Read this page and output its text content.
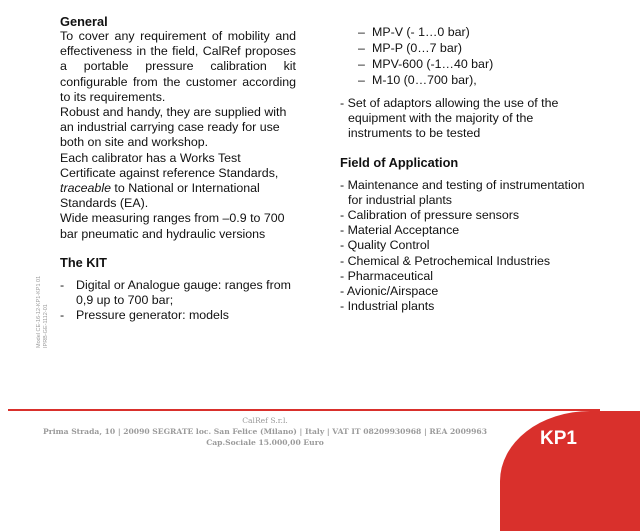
General

To cover any requirement of mobility and effectiveness in the field, CalRef proposes a portable pressure calibration kit configurable from the customer according to its requirements.

Robust and handy, they are supplied with an industrial carrying case ready for use both on site and workshop.

Each calibrator has a Works Test Certificate against reference Standards, traceable to National or International Standards (EA).

Wide measuring ranges from –0.9 to 700 bar pneumatic and hydraulic versions

The KIT
- Digital or Analogue gauge: ranges from 0,9 up to 700 bar;
- Pressure generator: models
– MP-V (- 1…0 bar)
– MP-P (0…7 bar)
– MPV-600 (-1…40 bar)
– M-10 (0…700 bar),

- Set of adaptors allowing the use of the equipment with the majority of the instruments to be tested

Field of Application

- Maintenance and testing of instrumentation for industrial plants

- Calibration of pressure sensors

- Material Acceptance

- Quality Control

- Chemical & Petrochemical Industries

- Pharmaceutical

- Avionic/Airspace

- Industrial plants

Model CE-16-12-KP1-KP1 01 IPRB-GE-1112-01
CalRef S.r.l.
Prima Strada, 10 | 20090 SEGRATE loc. San Felice (Milano) | Italy | VAT IT 08209930968 | REA 2009963
Cap.Sociale 15.000,00 Euro	KP1
